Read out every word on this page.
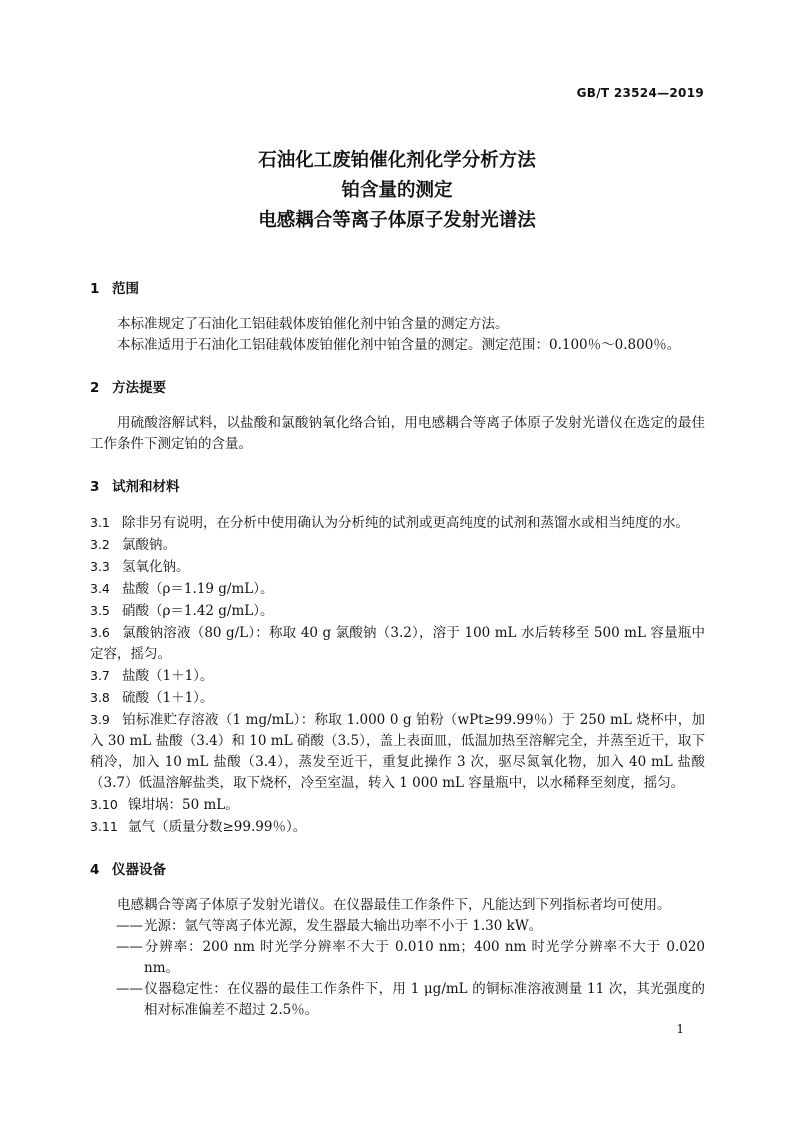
GB/T 23524—2019
石油化工废铂催化剂化学分析方法
铂含量的测定
电感耦合等离子体原子发射光谱法
1 范围

本标准规定了石油化工铝硅载体废铂催化剂中铂含量的测定方法。

本标准适用于石油化工铝硅载体废铂催化剂中铂含量的测定。测定范围：0.100％～0.800％。

2 方法提要

用硫酸溶解试料，以盐酸和氯酸钠氧化络合铂，用电感耦合等离子体原子发射光谱仪在选定的最佳工作条件下测定铂的含量。

3 试剂和材料

3.1 除非另有说明，在分析中使用确认为分析纯的试剂或更高纯度的试剂和蒸馏水或相当纯度的水。

3.2 氯酸钠。

3.3 氢氧化钠。

3.4 盐酸（ρ＝1.19 g/mL）。

3.5 硝酸（ρ＝1.42 g/mL）。

3.6 氯酸钠溶液（80 g/L）：称取 40 g 氯酸钠（3.2），溶于 100 mL 水后转移至 500 mL 容量瓶中定容，摇匀。

3.7 盐酸（1＋1）。

3.8 硫酸（1＋1）。

3.9 铂标准贮存溶液（1 mg/mL）：称取 1.000 0 g 铂粉（wPt≥99.99％）于 250 mL 烧杯中，加入 30 mL 盐酸（3.4）和 10 mL 硝酸（3.5），盖上表面皿，低温加热至溶解完全，并蒸至近干，取下稍冷，加入 10 mL 盐酸（3.4），蒸发至近干，重复此操作 3 次，驱尽氮氧化物，加入 40 mL 盐酸（3.7）低温溶解盐类，取下烧杯，冷至室温，转入 1 000 mL 容量瓶中，以水稀释至刻度，摇匀。

3.10 镍坩埚：50 mL。

3.11 氩气（质量分数≥99.99％）。

4 仪器设备

电感耦合等离子体原子发射光谱仪。在仪器最佳工作条件下，凡能达到下列指标者均可使用。

——光源：氩气等离子体光源，发生器最大输出功率不小于 1.30 kW。

——分辨率：200 nm 时光学分辨率不大于 0.010 nm；400 nm 时光学分辨率不大于 0.020 nm。

——仪器稳定性：在仪器的最佳工作条件下，用 1 μg/mL 的铜标准溶液测量 11 次，其光强度的相对标准偏差不超过 2.5％。

1
